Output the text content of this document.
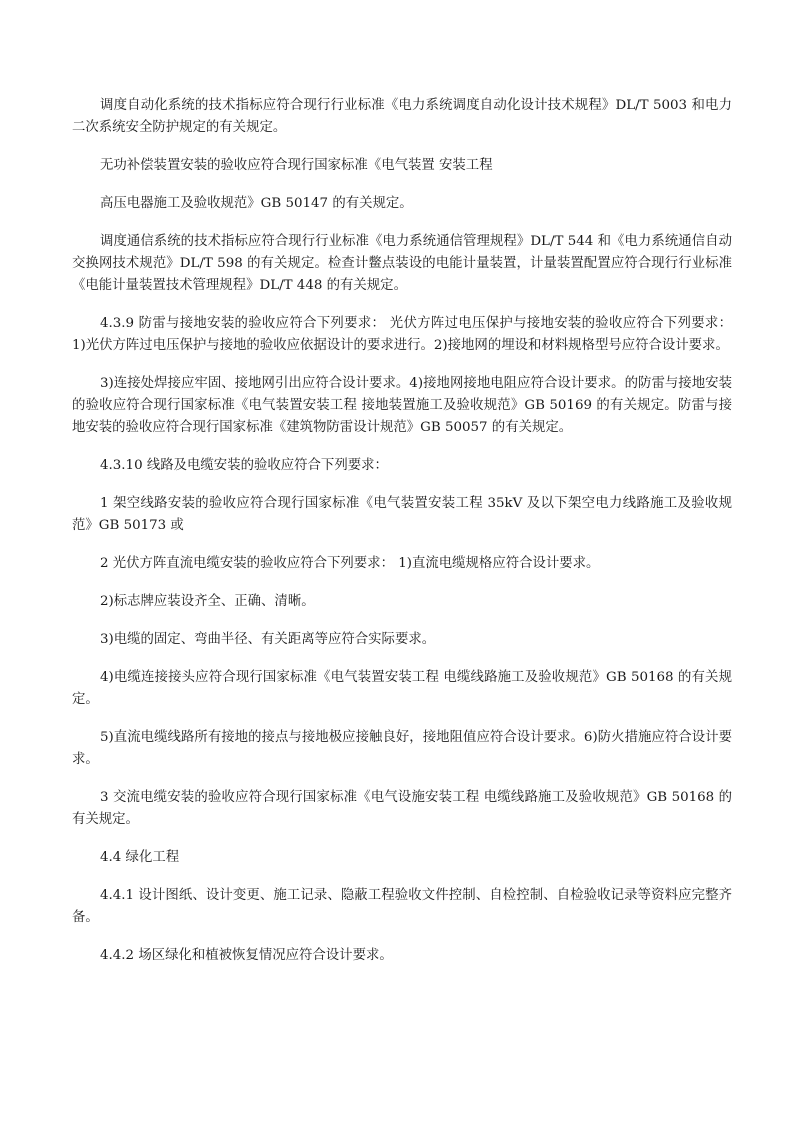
调度自动化系统的技术指标应符合现行行业标准《电力系统调度自动化设计技术规程》DL/T 5003 和电力二次系统安全防护规定的有关规定。

无功补偿装置安装的验收应符合现行国家标准《电气装置 安装工程

高压电器施工及验收规范》GB 50147 的有关规定。

调度通信系统的技术指标应符合现行行业标准《电力系统通信管理规程》DL/T 544 和《电力系统通信自动交换网技术规范》DL/T 598 的有关规定。检查计鳖点装设的电能计量装置，计量装置配置应符合现行行业标准《电能计量装置技术管理规程》DL/T 448 的有关规定。

4.3.9 防雷与接地安装的验收应符合下列要求： 光伏方阵过电压保护与接地安装的验收应符合下列要求： 1)光伏方阵过电压保护与接地的验收应依据设计的要求进行。2)接地网的埋设和材料规格型号应符合设计要求。

3)连接处焊接应牢固、接地网引出应符合设计要求。4)接地网接地电阻应符合设计要求。的防雷与接地安装的验收应符合现行国家标准《电气装置安装工程 接地装置施工及验收规范》GB 50169 的有关规定。防雷与接地安装的验收应符合现行国家标准《建筑物防雷设计规范》GB 50057 的有关规定。

4.3.10 线路及电缆安装的验收应符合下列要求：

1 架空线路安装的验收应符合现行国家标准《电气装置安装工程 35kV 及以下架空电力线路施工及验收规范》GB 50173 或

2 光伏方阵直流电缆安装的验收应符合下列要求： 1)直流电缆规格应符合设计要求。

2)标志牌应装设齐全、正确、清晰。

3)电缆的固定、弯曲半径、有关距离等应符合实际要求。

4)电缆连接接头应符合现行国家标准《电气装置安装工程 电缆线路施工及验收规范》GB 50168 的有关规定。

5)直流电缆线路所有接地的接点与接地极应接触良好，接地阻值应符合设计要求。6)防火措施应符合设计要求。

3 交流电缆安装的验收应符合现行国家标准《电气设施安装工程 电缆线路施工及验收规范》GB 50168 的有关规定。

4.4 绿化工程

4.4.1 设计图纸、设计变更、施工记录、隐蔽工程验收文件控制、自检控制、自检验收记录等资料应完整齐备。

4.4.2 场区绿化和植被恢复情况应符合设计要求。
